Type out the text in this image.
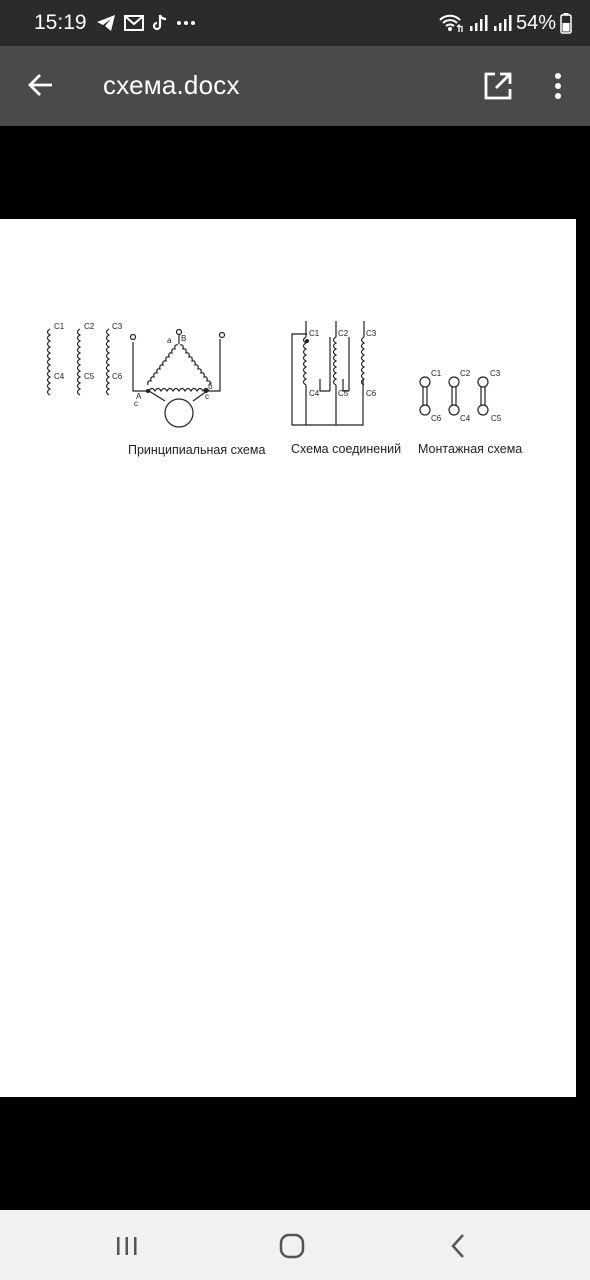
15:19	54%
схема.docx
C1 C2 C3
C4 C5 C6
A
B
c
a
б
c
C1 C2 C3
C4 C5 C6
C1 C2 C3
C6 C4	C5
Принципиальная схема Схема соединений Монтажная схема
